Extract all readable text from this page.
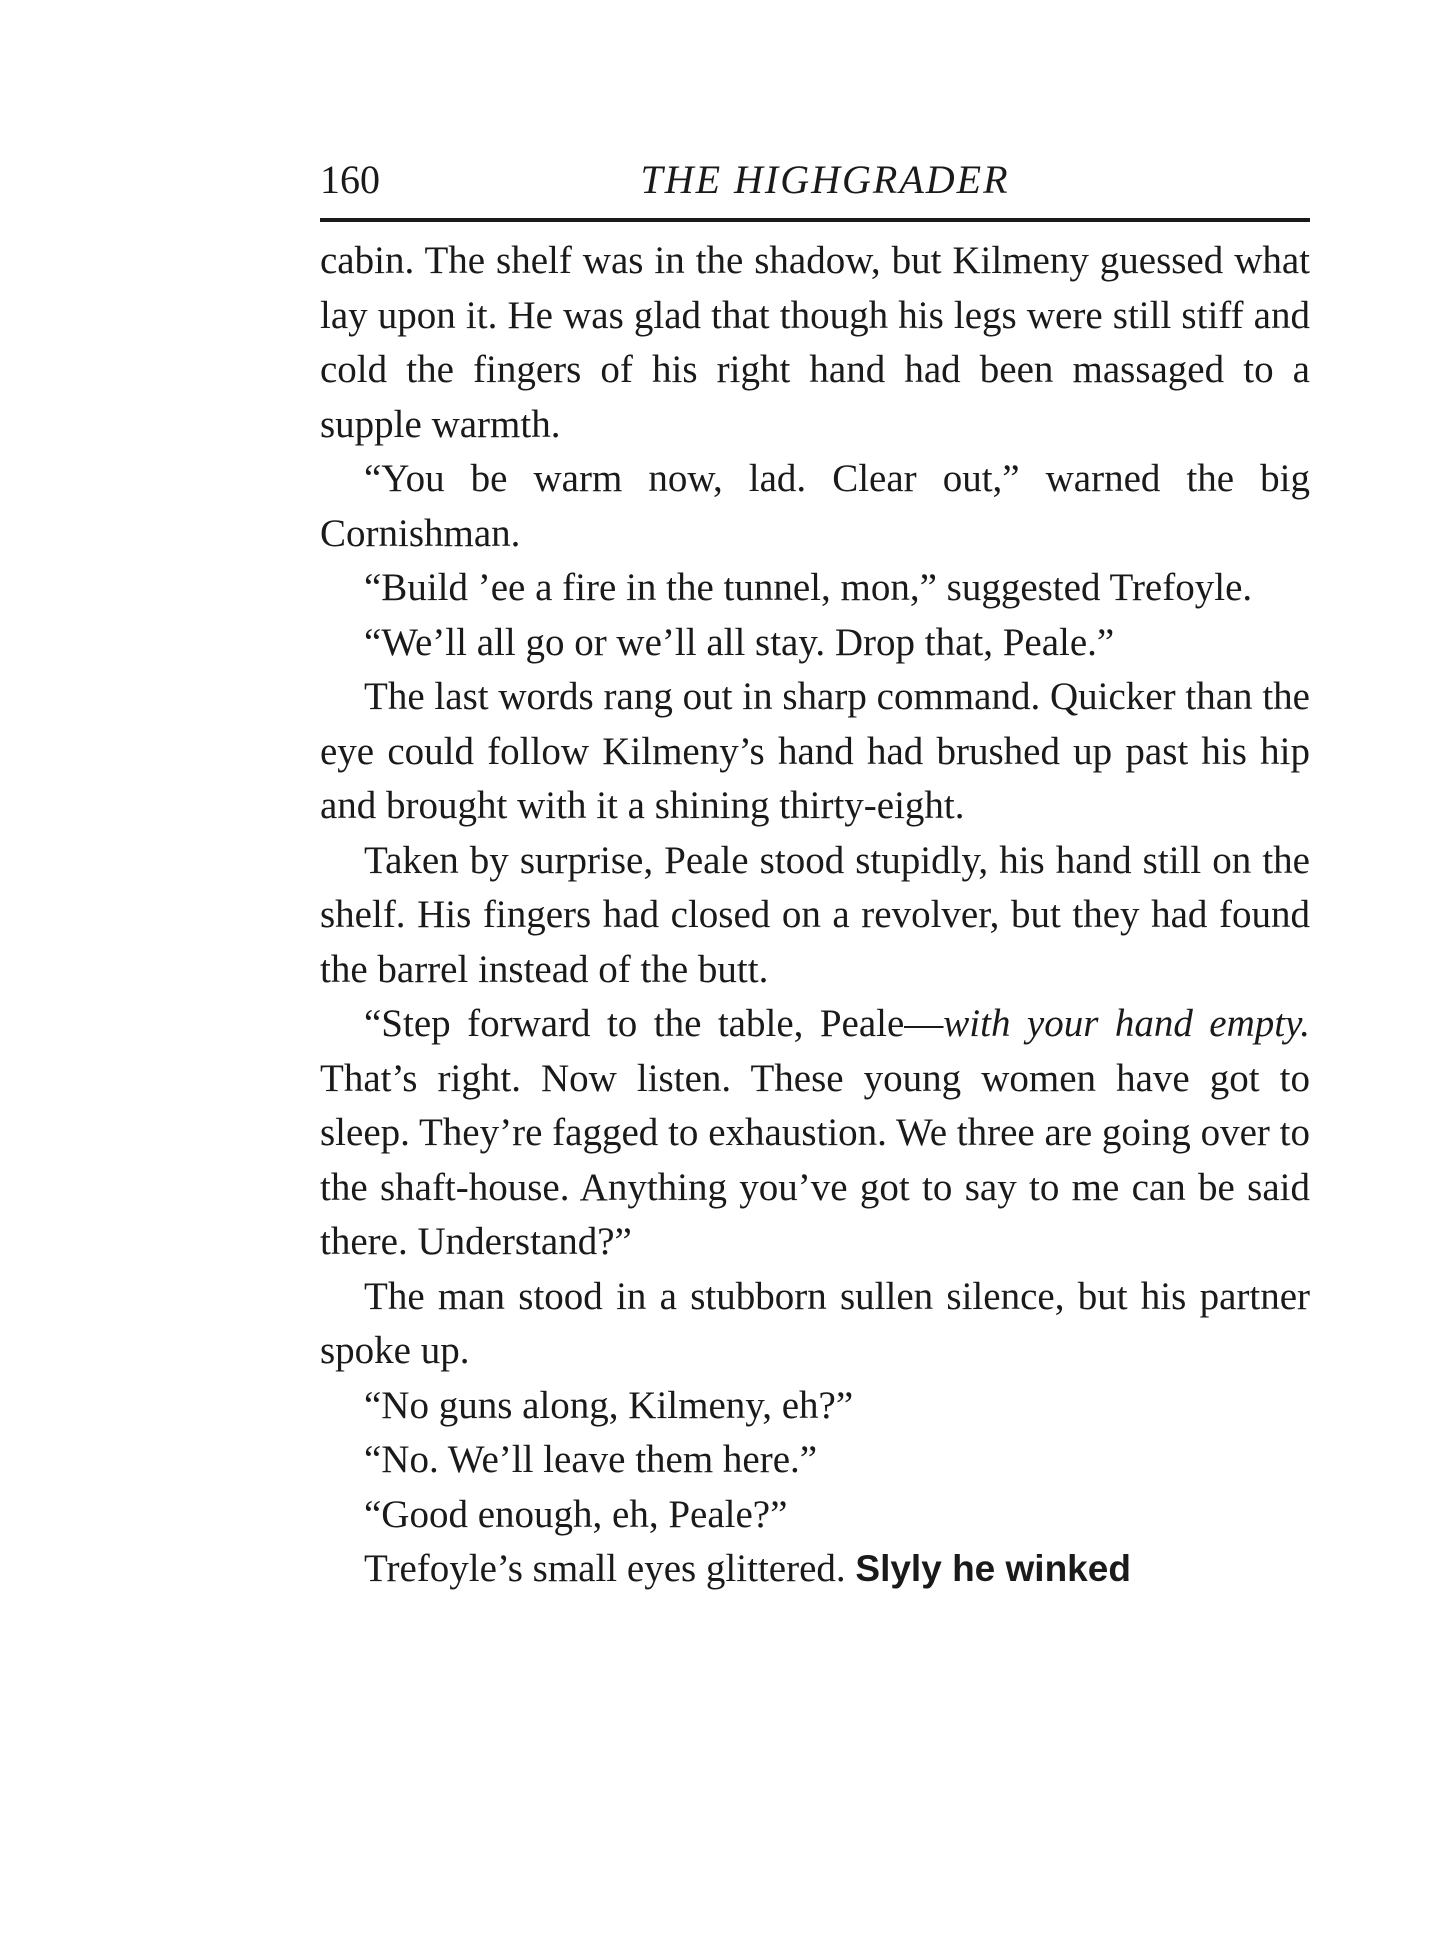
160	THE HIGHGRADER

cabin. The shelf was in the shadow, but Kilmeny guessed what lay upon it. He was glad that though his legs were still stiff and cold the fingers of his right hand had been massaged to a supple warmth.

“You be warm now, lad. Clear out,” warned the big Cornishman.

“Build ’ee a fire in the tunnel, mon,” suggested Trefoyle.

“We’ll all go or we’ll all stay. Drop that, Peale.”

The last words rang out in sharp command. Quicker than the eye could follow Kilmeny’s hand had brushed up past his hip and brought with it a shining thirty-eight.

Taken by surprise, Peale stood stupidly, his hand still on the shelf. His fingers had closed on a revolver, but they had found the barrel instead of the butt.

“Step forward to the table, Peale—with your hand empty. That’s right. Now listen. These young women have got to sleep. They’re fagged to exhaustion. We three are going over to the shaft-house. Anything you’ve got to say to me can be said there. Understand?”

The man stood in a stubborn sullen silence, but his partner spoke up.

“No guns along, Kilmeny, eh?”

“No. We’ll leave them here.”

“Good enough, eh, Peale?”

Trefoyle’s small eyes glittered. Slyly he winked
